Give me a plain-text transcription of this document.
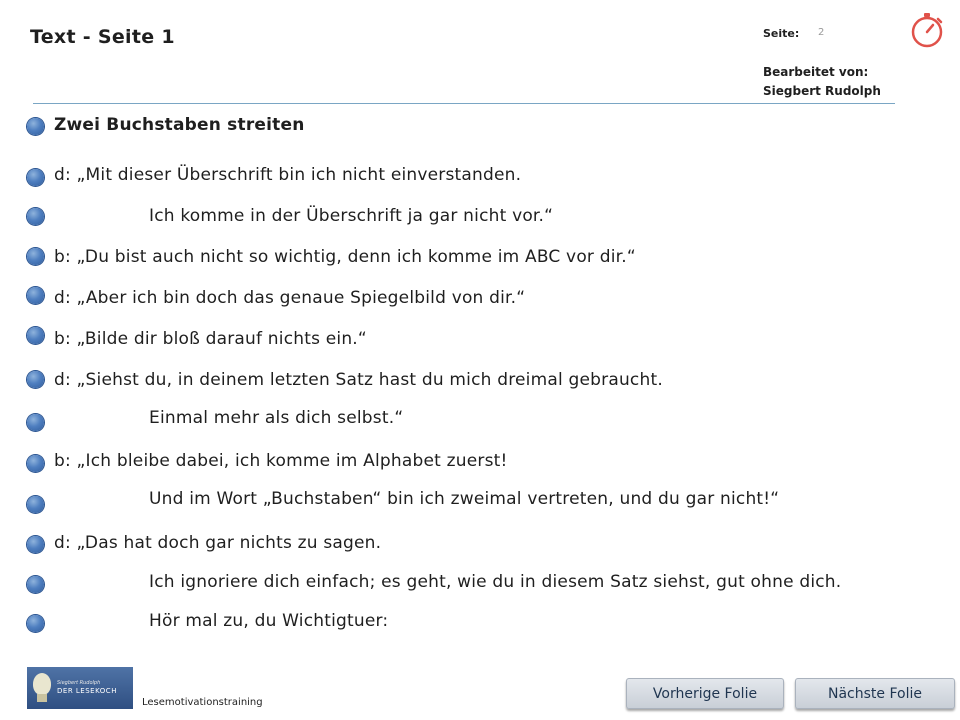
Text - Seite 1	Seite: 2
Bearbeitet von:
Siegbert Rudolph
Zwei Buchstaben streiten
d: „Mit dieser Überschrift bin ich nicht einverstanden.
Ich komme in der Überschrift ja gar nicht vor.“
b: „Du bist auch nicht so wichtig, denn ich komme im ABC vor dir.“
d: „Aber ich bin doch das genaue Spiegelbild von dir.“
b: „Bilde dir bloß darauf nichts ein.“
d: „Siehst du, in deinem letzten Satz hast du mich dreimal gebraucht.
Einmal mehr als dich selbst.“
b: „Ich bleibe dabei, ich komme im Alphabet zuerst!
Und im Wort „Buchstaben“ bin ich zweimal vertreten, und du gar nicht!“
d: „Das hat doch gar nichts zu sagen.
Ich ignoriere dich einfach; es geht, wie du in diesem Satz siehst, gut ohne dich.
Hör mal zu, du Wichtigtuer:
Siegbert Rudolph
DER LESEKOCH
Lesemotivationstraining
Vorherige Folie	Nächste Folie
